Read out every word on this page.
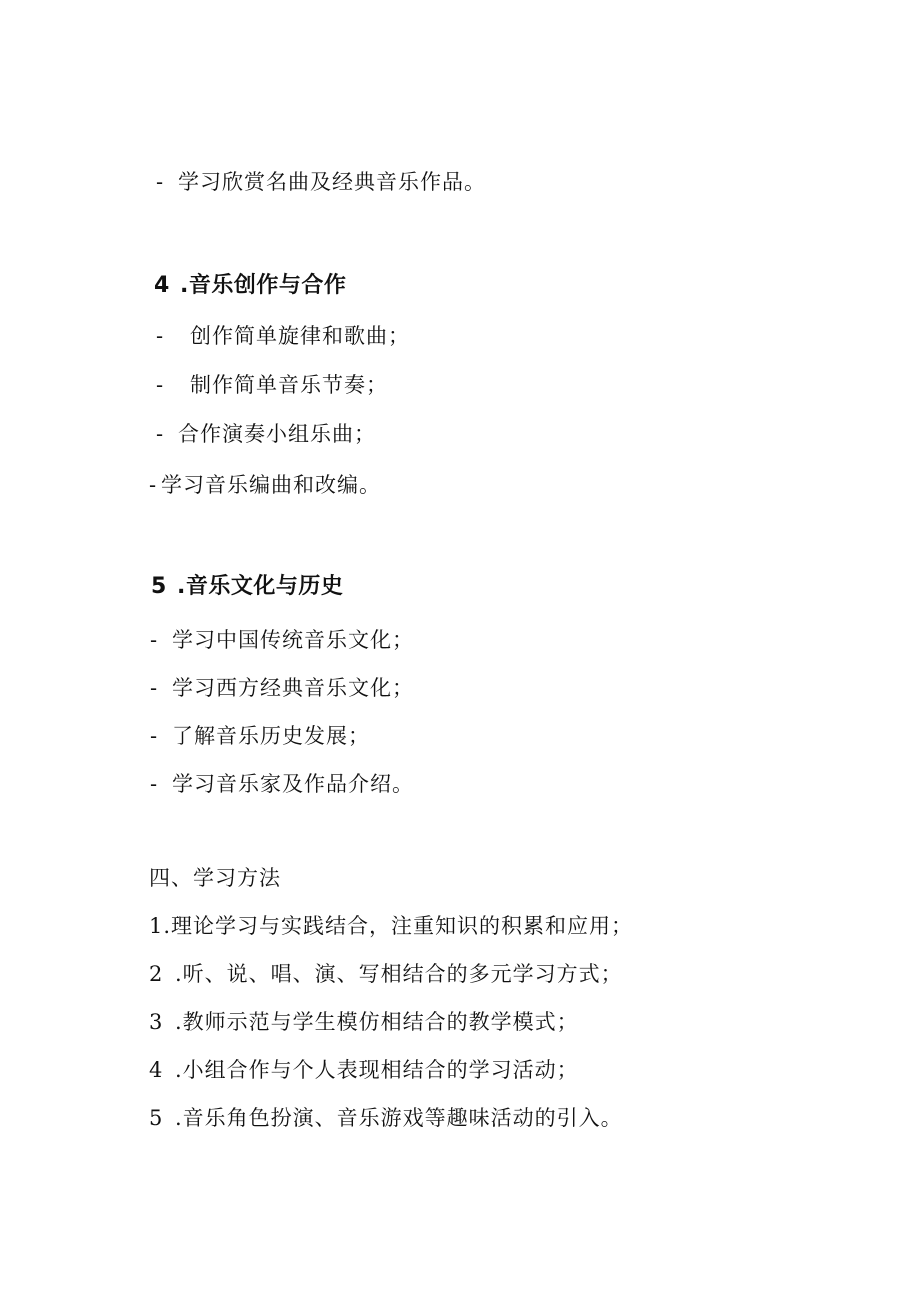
- 学习欣赏名曲及经典音乐作品。
4 .音乐创作与合作
- 创作简单旋律和歌曲；
- 制作简单音乐节奏；
- 合作演奏小组乐曲；
- 学习音乐编曲和改编。
5 .音乐文化与历史
- 学习中国传统音乐文化；
- 学习西方经典音乐文化；
- 了解音乐历史发展；
- 学习音乐家及作品介绍。
四、学习方法
1.理论学习与实践结合，注重知识的积累和应用；
2 .听、说、唱、演、写相结合的多元学习方式；
3 .教师示范与学生模仿相结合的教学模式；
4 .小组合作与个人表现相结合的学习活动；
5 .音乐角色扮演、音乐游戏等趣味活动的引入。
